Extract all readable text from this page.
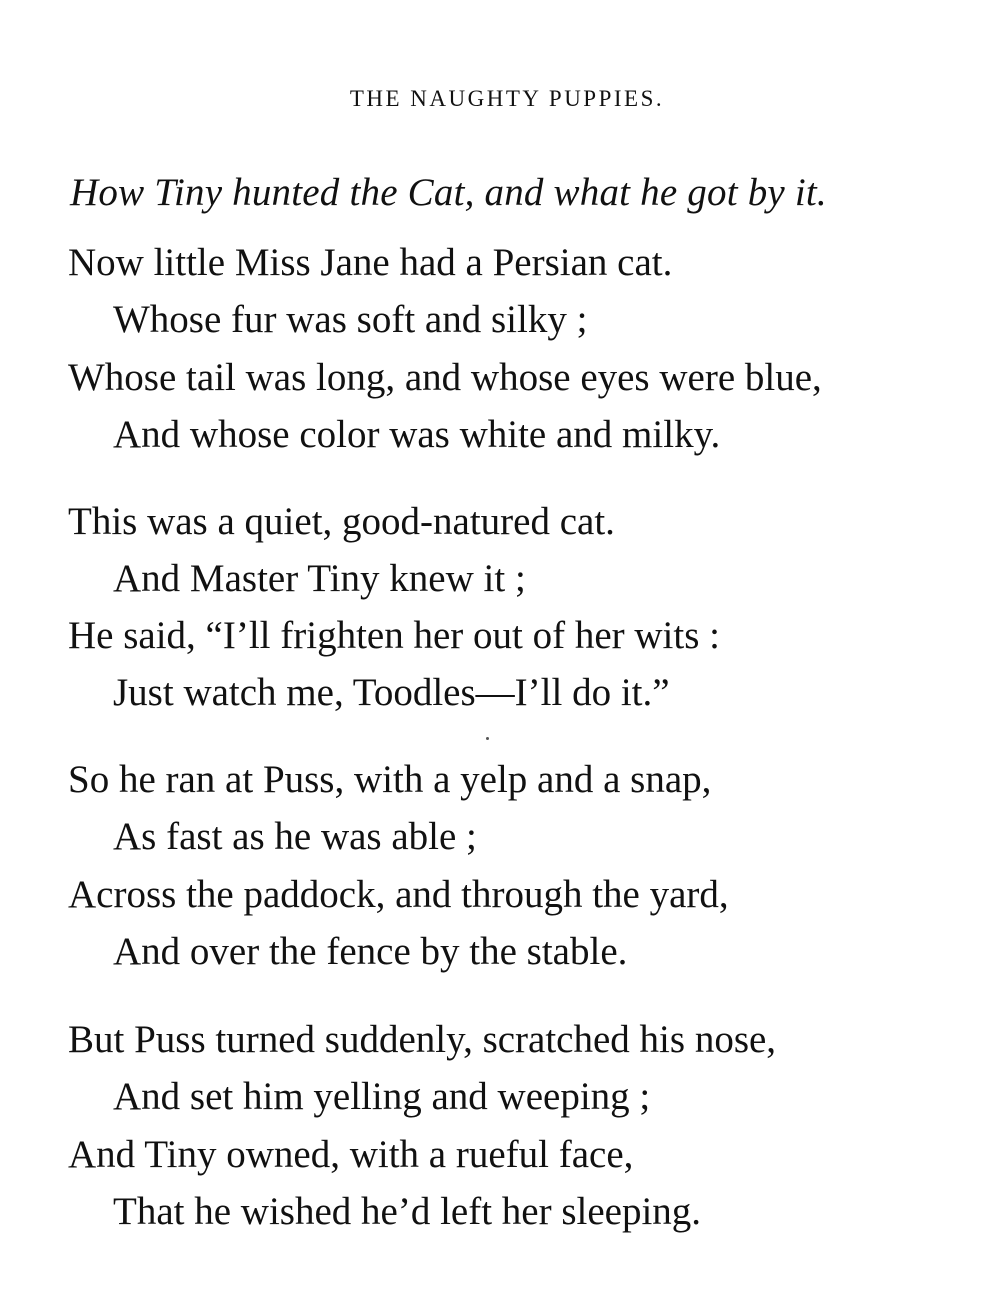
THE NAUGHTY PUPPIES.
How Tiny hunted the Cat, and what he got by it.
Now little Miss Jane had a Persian cat.
Whose fur was soft and silky ;
Whose tail was long, and whose eyes were blue,
And whose color was white and milky.
This was a quiet, good-natured cat.
And Master Tiny knew it ;
He said, “I’ll frighten her out of her wits :
Just watch me, Toodles—I’ll do it.”
So he ran at Puss, with a yelp and a snap,
As fast as he was able ;
Across the paddock, and through the yard,
And over the fence by the stable.
But Puss turned suddenly, scratched his nose,
And set him yelling and weeping ;
And Tiny owned, with a rueful face,
That he wished he’d left her sleeping.
